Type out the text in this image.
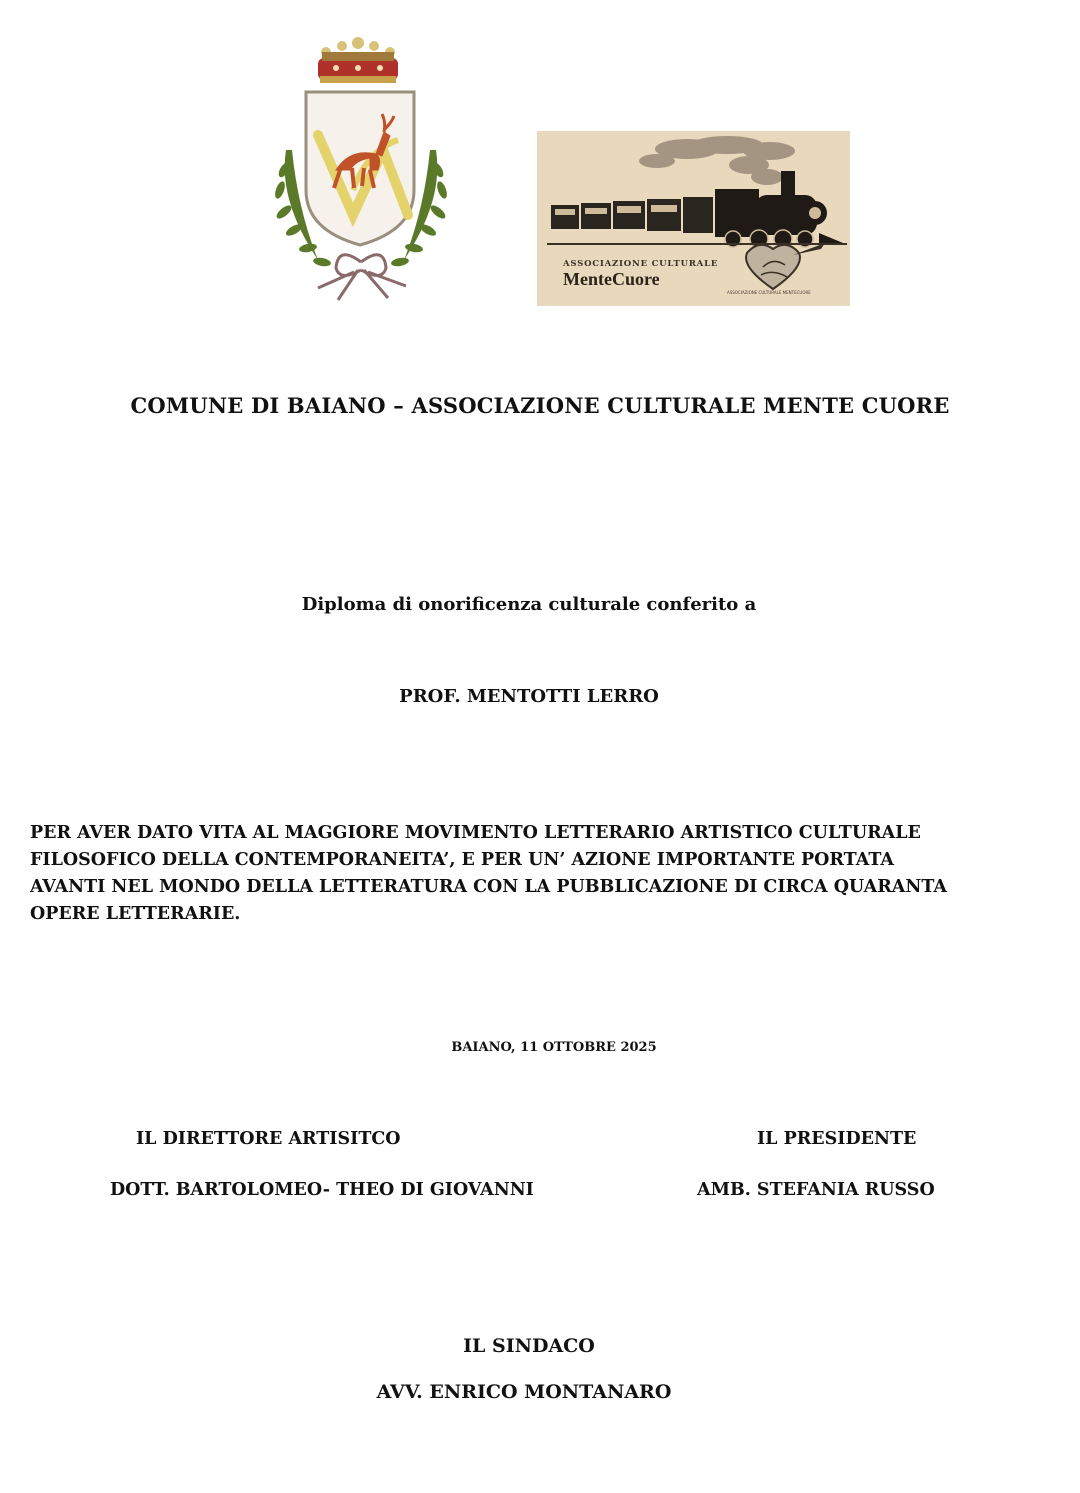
ASSOCIAZIONE CULTURALE
MenteCuore
ASSOCIAZIONE CULTURALE MENTECUORE
COMUNE DI BAIANO – ASSOCIAZIONE CULTURALE MENTE CUORE
Diploma di onorificenza culturale conferito a
PROF. MENTOTTI LERRO
PER AVER DATO VITA AL MAGGIORE MOVIMENTO LETTERARIO ARTISTICO CULTURALE
FILOSOFICO DELLA CONTEMPORANEITA’, E PER UN’ AZIONE IMPORTANTE PORTATA
AVANTI NEL MONDO DELLA LETTERATURA CON LA PUBBLICAZIONE DI CIRCA QUARANTA
OPERE LETTERARIE.
BAIANO, 11 OTTOBRE 2025
IL DIRETTORE ARTISITCO
DOTT. BARTOLOMEO- THEO DI GIOVANNI
IL PRESIDENTE
AMB. STEFANIA RUSSO
IL SINDACO
AVV. ENRICO MONTANARO
